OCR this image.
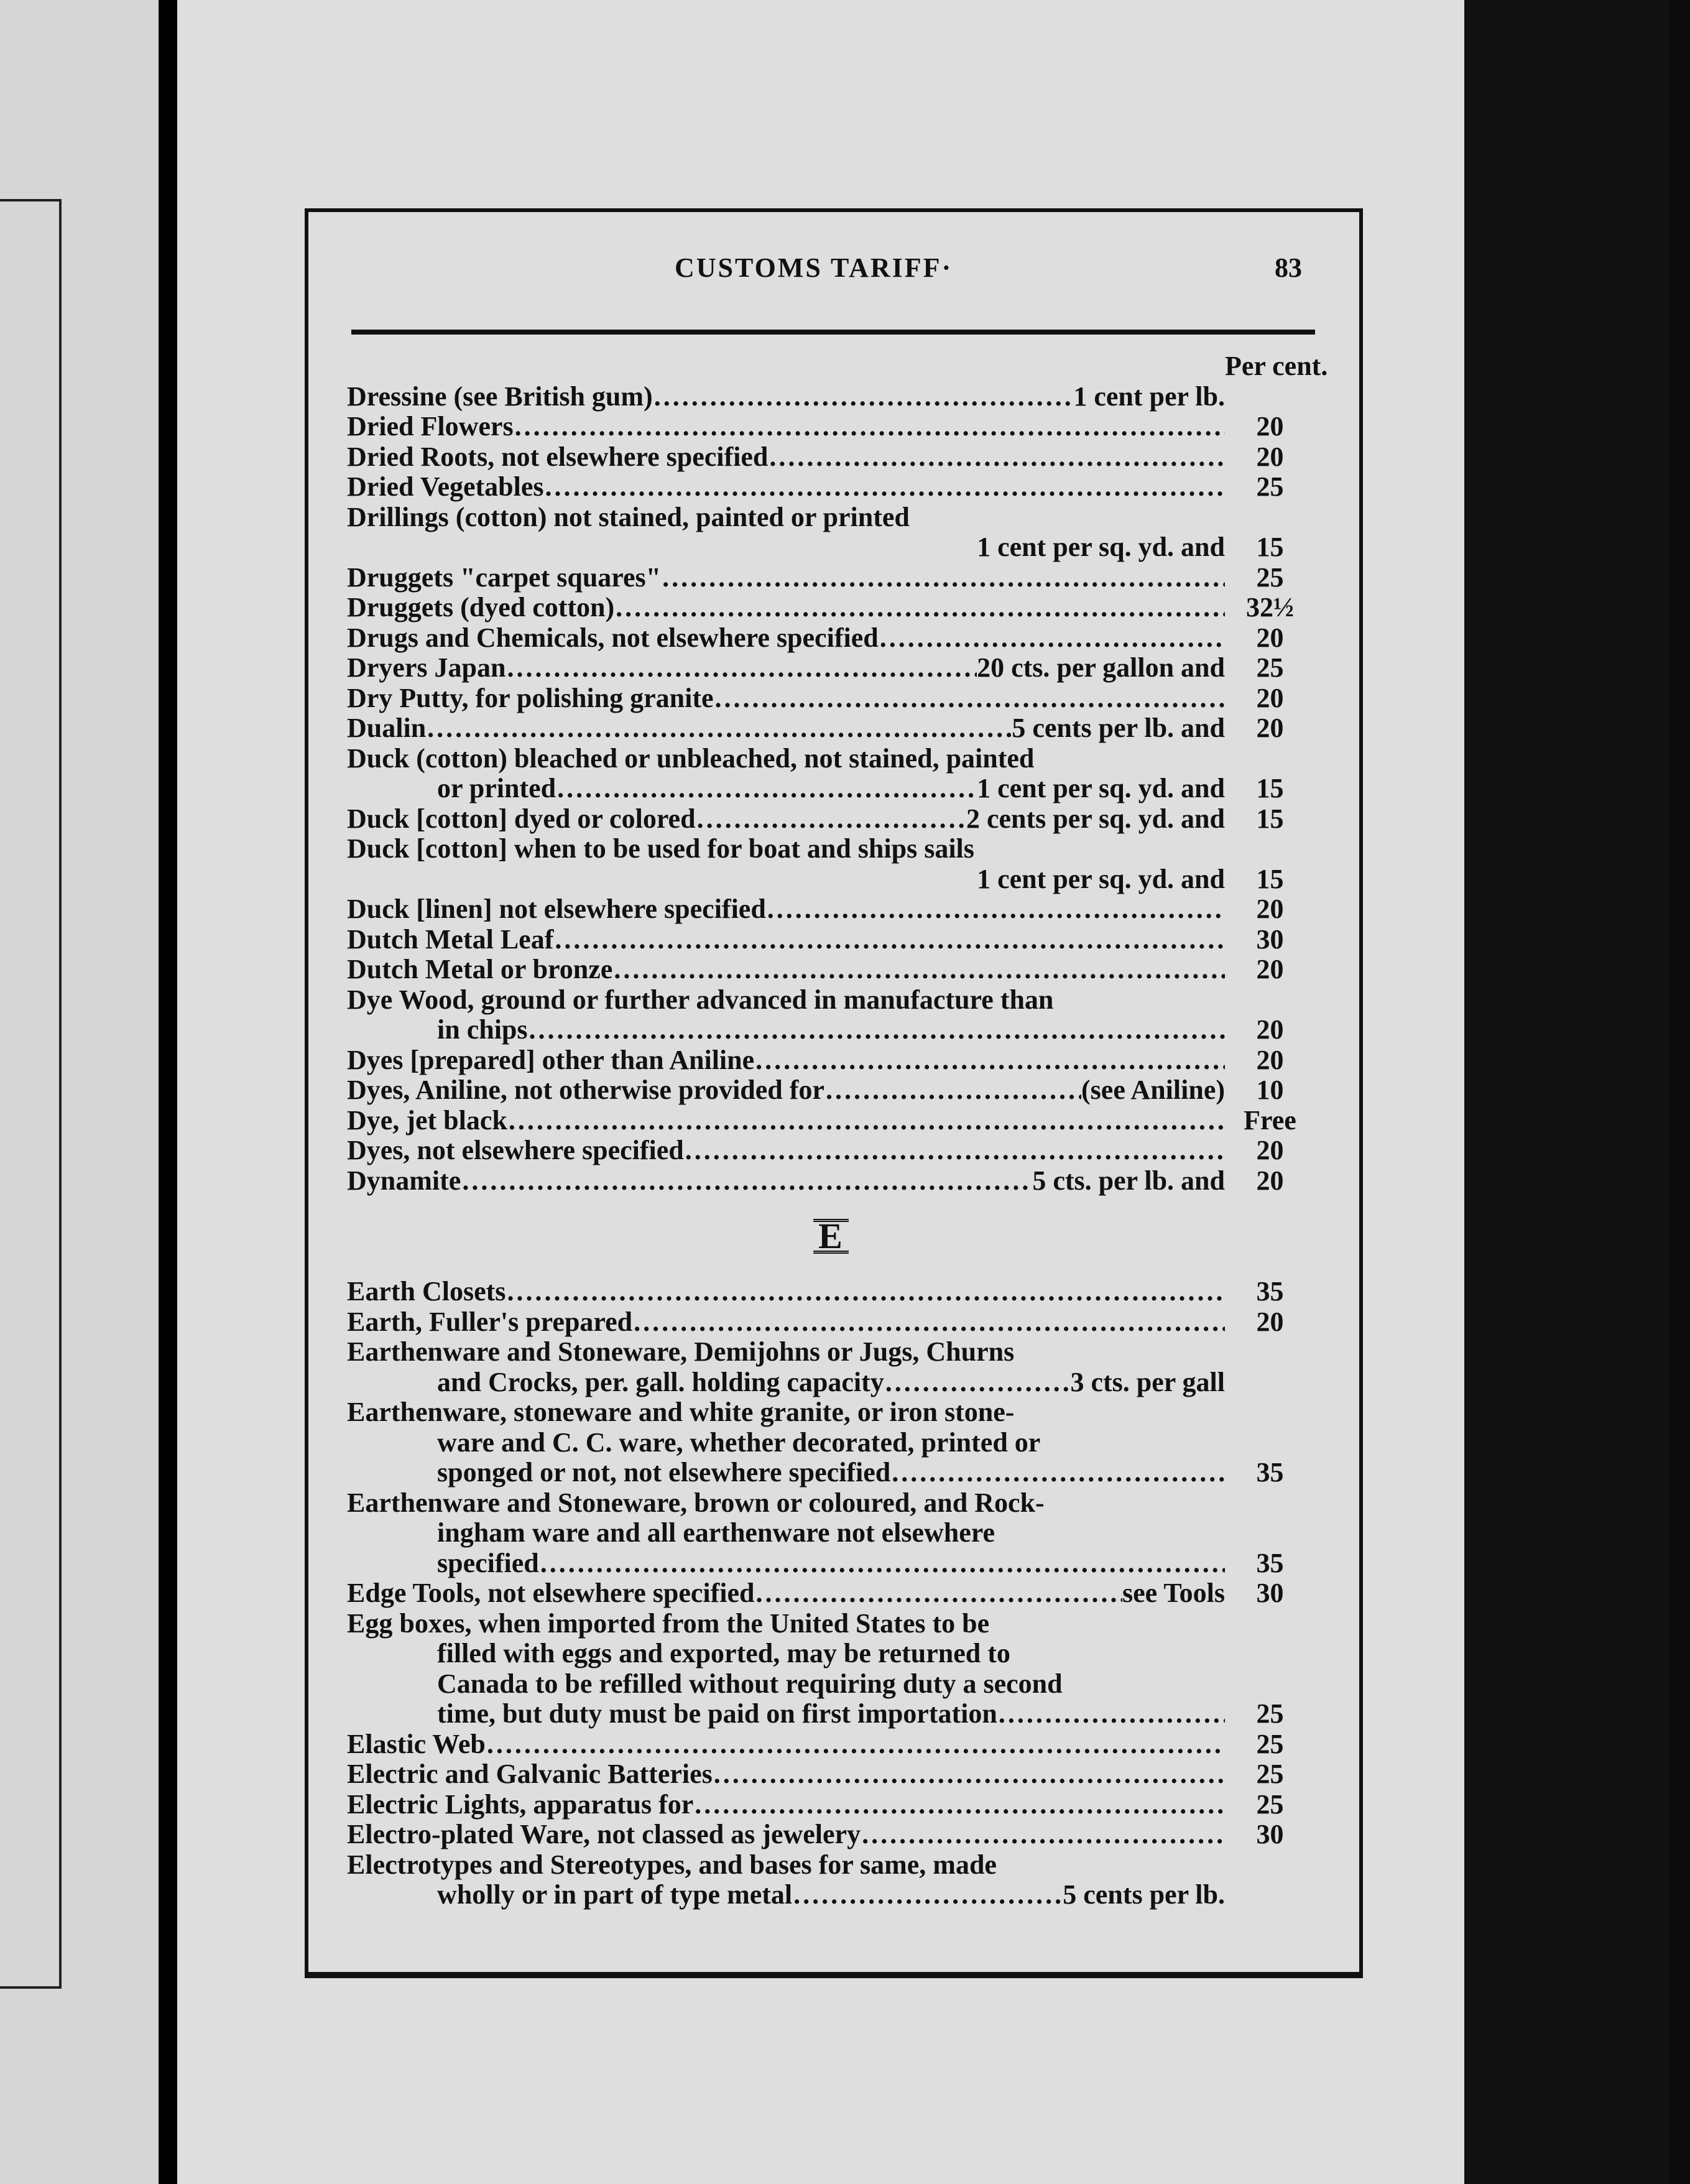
CUSTOMS TARIFF·	83
Per cent.
Dressine (see British gum) .....	1 cent per lb.
Dried Flowers .....	20
Dried Roots, not elsewhere specified .....	20
Dried Vegetables .....	25
Drillings (cotton) not stained, painted or printed
1 cent per sq. yd. and	15
Druggets "carpet squares" .....	25
Druggets (dyed cotton) .....	32½
Drugs and Chemicals, not elsewhere specified .....	20
Dryers Japan .....	20 cts. per gallon and	25
Dry Putty, for polishing granite .....	20
Dualin .....	5 cents per lb. and	20
Duck (cotton) bleached or unbleached, not stained, painted
or printed .....	1 cent per sq. yd. and	15
Duck [cotton] dyed or colored .....	2 cents per sq. yd. and	15
Duck [cotton] when to be used for boat and ships sails
1 cent per sq. yd. and	15
Duck [linen] not elsewhere specified .....	20
Dutch Metal Leaf .....	30
Dutch Metal or bronze .....	20
Dye Wood, ground or further advanced in manufacture than
in chips .....	20
Dyes [prepared] other than Aniline .....	20
Dyes, Aniline, not otherwise provided for .....	(see Aniline)	10
Dye, jet black .....	Free
Dyes, not elsewhere specified .....	20
Dynamite .....	5 cts. per lb. and	20
E
Earth Closets .....	35
Earth, Fuller's prepared .....	20
Earthenware and Stoneware, Demijohns or Jugs, Churns
and Crocks, per. gall. holding capacity .....	3 cts. per gall
Earthenware, stoneware and white granite, or iron stone-
ware and C. C. ware, whether decorated, printed or
sponged or not, not elsewhere specified .....	35
Earthenware and Stoneware, brown or coloured, and Rock-
ingham ware and all earthenware not elsewhere
specified .....	35
Edge Tools, not elsewhere specified .....	see Tools	30
Egg boxes, when imported from the United States to be
filled with eggs and exported, may be returned to
Canada to be refilled without requiring duty a second
time, but duty must be paid on first importation .....	25
Elastic Web .....	25
Electric and Galvanic Batteries .....	25
Electric Lights, apparatus for .....	25
Electro-plated Ware, not classed as jewelery .....	30
Electrotypes and Stereotypes, and bases for same, made
wholly or in part of type metal .....	5 cents per lb.
